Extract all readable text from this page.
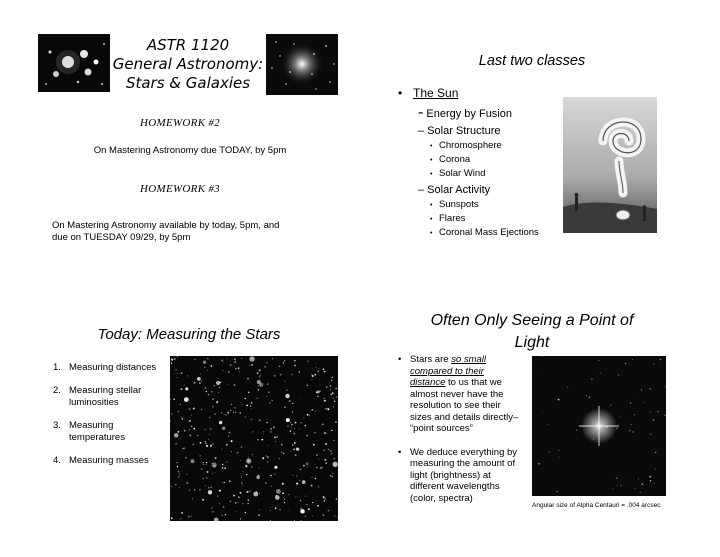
ASTR 1120
General Astronomy:
Stars & Galaxies
HOMEWORK #2
On Mastering Astronomy due TODAY, by 5pm
HOMEWORK #3
On Mastering Astronomy available by today, 5pm, and
due on TUESDAY 09/29, by 5pm
Last two classes
• The Sun
- Energy by Fusion
– Solar Structure
• Chromosphere
• Corona
• Solar Wind
– Solar Activity
• Sunspots
• Flares
• Coronal Mass Ejections
Today: Measuring the Stars
1. Measuring distances
2. Measuring stellar
luminosities
3. Measuring
temperatures
4. Measuring masses
Often Only Seeing a Point of
Light
• Stars are so small
compared to their
distance to us that we
almost never have the
resolution to see their
sizes and details directly–
“point sources”
• We deduce everything by
measuring the amount of
light (brightness) at
different wavelengths
(color, spectra)
Angular size of Alpha Centauri = .004 arcsec
